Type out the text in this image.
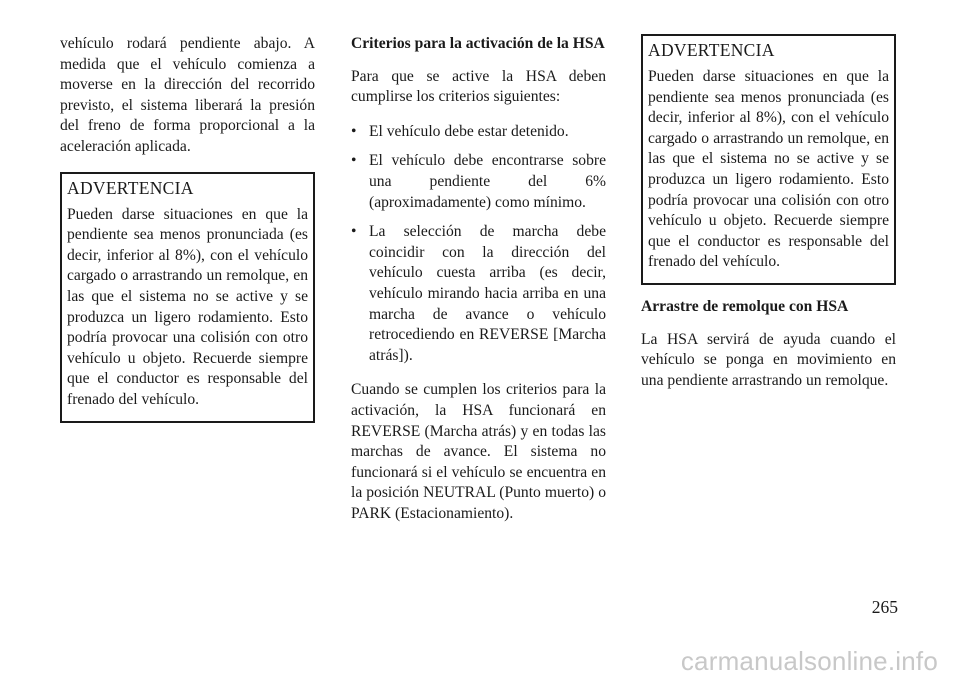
vehículo rodará pendiente abajo. A medida que el vehículo comienza a moverse en la dirección del recorrido previsto, el sistema liberará la presión del freno de forma proporcional a la aceleración aplicada.

ADVERTENCIA

Pueden darse situaciones en que la pendiente sea menos pronunciada (es decir, inferior al 8%), con el vehículo cargado o arrastrando un remolque, en las que el sistema no se active y se produzca un ligero rodamiento. Esto podría provocar una colisión con otro vehículo u objeto. Recuerde siempre que el conductor es responsable del frenado del vehículo.

Criterios para la activación de la HSA

Para que se active la HSA deben cumplirse los criterios siguientes:

• El vehículo debe estar detenido.
• El vehículo debe encontrarse sobre una pendiente del 6% (aproximadamente) como mínimo.
• La selección de marcha debe coincidir con la dirección del vehículo cuesta arriba (es decir, vehículo mirando hacia arriba en una marcha de avance o vehículo retrocediendo en REVERSE [Marcha atrás]).

Cuando se cumplen los criterios para la activación, la HSA funcionará en REVERSE (Marcha atrás) y en todas las marchas de avance. El sistema no funcionará si el vehículo se encuentra en la posición NEUTRAL (Punto muerto) o PARK (Estacionamiento).

ADVERTENCIA

Pueden darse situaciones en que la pendiente sea menos pronunciada (es decir, inferior al 8%), con el vehículo cargado o arrastrando un remolque, en las que el sistema no se active y se produzca un ligero rodamiento. Esto podría provocar una colisión con otro vehículo u objeto. Recuerde siempre que el conductor es responsable del frenado del vehículo.

Arrastre de remolque con HSA

La HSA servirá de ayuda cuando el vehículo se ponga en movimiento en una pendiente arrastrando un remolque.

265
carmanualsonline.info
